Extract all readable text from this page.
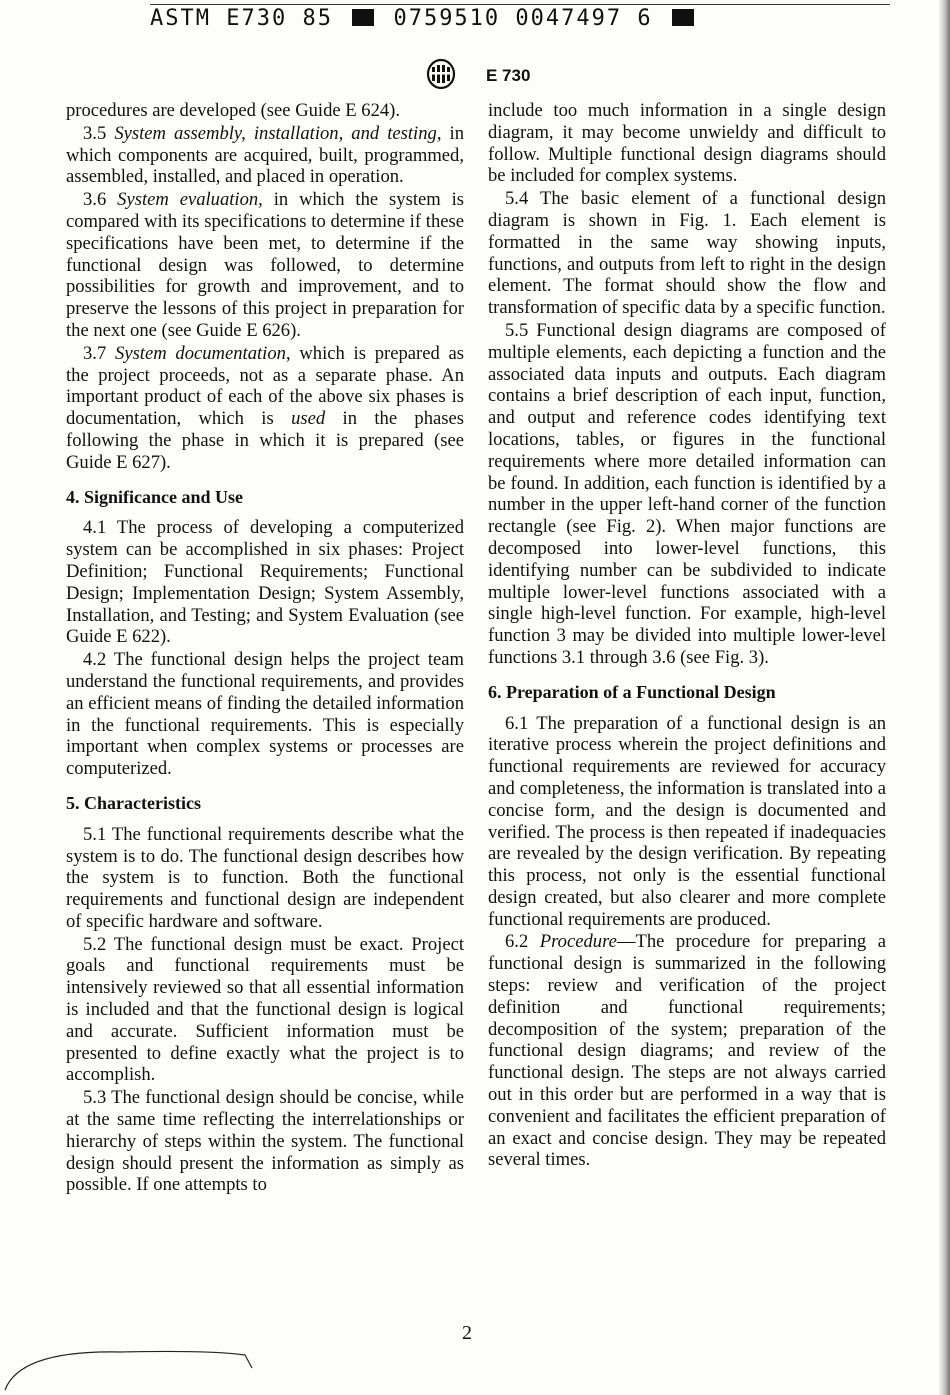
ASTM E730 85	0759510 0047497 6
E 730

procedures are developed (see Guide E 624).

3.5 System assembly, installation, and testing, in which components are acquired, built, programmed, assembled, installed, and placed in operation.

3.6 System evaluation, in which the system is compared with its specifications to determine if these specifications have been met, to determine if the functional design was followed, to determine possibilities for growth and improvement, and to preserve the lessons of this project in preparation for the next one (see Guide E 626).

3.7 System documentation, which is prepared as the project proceeds, not as a separate phase. An important product of each of the above six phases is documentation, which is used in the phases following the phase in which it is prepared (see Guide E 627).

4. Significance and Use

4.1 The process of developing a computerized system can be accomplished in six phases: Project Definition; Functional Requirements; Functional Design; Implementation Design; System Assembly, Installation, and Testing; and System Evaluation (see Guide E 622).

4.2 The functional design helps the project team understand the functional requirements, and provides an efficient means of finding the detailed information in the functional requirements. This is especially important when complex systems or processes are computerized.

5. Characteristics

5.1 The functional requirements describe what the system is to do. The functional design describes how the system is to function. Both the functional requirements and functional design are independent of specific hardware and software.

5.2 The functional design must be exact. Project goals and functional requirements must be intensively reviewed so that all essential information is included and that the functional design is logical and accurate. Sufficient information must be presented to define exactly what the project is to accomplish.

5.3 The functional design should be concise, while at the same time reflecting the interrelationships or hierarchy of steps within the system. The functional design should present the information as simply as possible. If one attempts to

include too much information in a single design diagram, it may become unwieldy and difficult to follow. Multiple functional design diagrams should be included for complex systems.

5.4 The basic element of a functional design diagram is shown in Fig. 1. Each element is formatted in the same way showing inputs, functions, and outputs from left to right in the design element. The format should show the flow and transformation of specific data by a specific function.

5.5 Functional design diagrams are composed of multiple elements, each depicting a function and the associated data inputs and outputs. Each diagram contains a brief description of each input, function, and output and reference codes identifying text locations, tables, or figures in the functional requirements where more detailed information can be found. In addition, each function is identified by a number in the upper left-hand corner of the function rectangle (see Fig. 2). When major functions are decomposed into lower-level functions, this identifying number can be subdivided to indicate multiple lower-level functions associated with a single high-level function. For example, high-level function 3 may be divided into multiple lower-level functions 3.1 through 3.6 (see Fig. 3).

6. Preparation of a Functional Design

6.1 The preparation of a functional design is an iterative process wherein the project definitions and functional requirements are reviewed for accuracy and completeness, the information is translated into a concise form, and the design is documented and verified. The process is then repeated if inadequacies are revealed by the design verification. By repeating this process, not only is the essential functional design created, but also clearer and more complete functional requirements are produced.

6.2 Procedure—The procedure for preparing a functional design is summarized in the following steps: review and verification of the project definition and functional requirements; decomposition of the system; preparation of the functional design diagrams; and review of the functional design. The steps are not always carried out in this order but are performed in a way that is convenient and facilitates the efficient preparation of an exact and concise design. They may be repeated several times.

2
